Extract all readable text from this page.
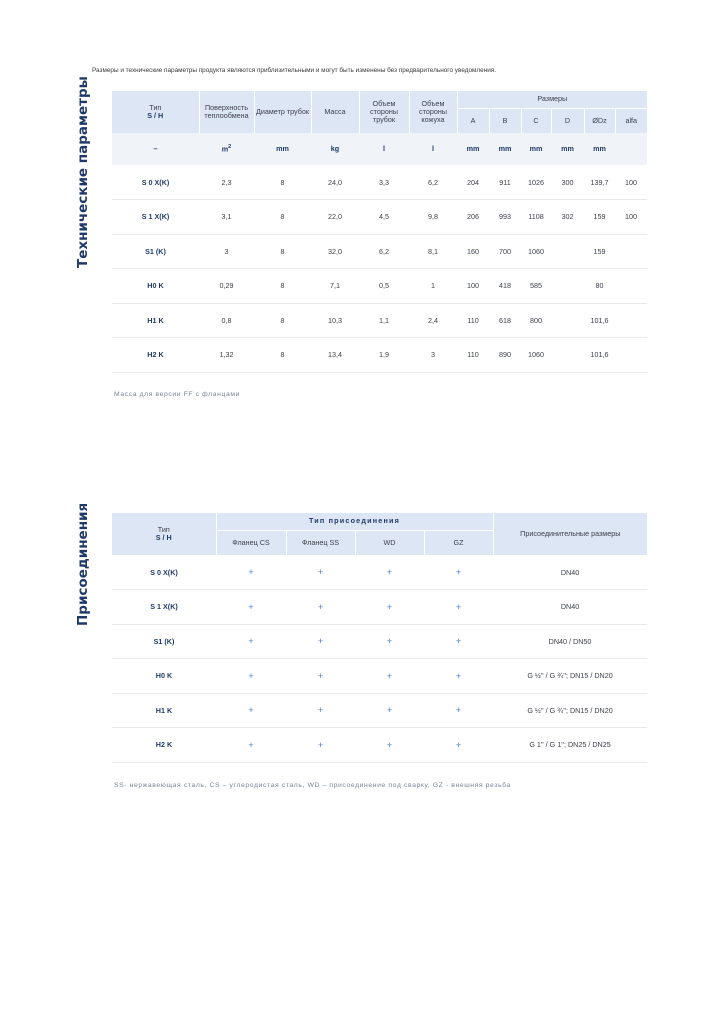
Размеры и технические параметры продукта являются приблизительными и могут быть изменены без предварительного уведомления.
Технические параметры	Тип
S / H	Поверхность теплообмена	Диаметр трубок	Масса	Объем стороны трубок	Объем стороны кожуха	Размеры					
						A	B	C	D	ØDz	alfa
–	$m^2$	mm	kg	l	l	mm	mm	mm	mm	mm	
S 0 X(K)	2,3	8	24,0	3,3	6,2	204	911	1026	300	139,7	100
S 1 X(K)	3,1	8	22,0	4,5	9,8	206	993	1108	302	159	100
S1 (K)	3	8	32,0	6,2	8,1	160	700	1060		159	
H0 K	0,29	8	7,1	0,5	1	100	418	585		80	
H1 K	0,8	8	10,3	1,1	2,4	110	618	800		101,6	
H2 K	1,32	8	13,4	1,9	3	110	890	1060		101,6	
Масса для версии FF с фланцами
Присоединения	Тип
S / H	Тип присоединения				Присоединительные размеры
	Фланец CS	Фланец SS	WD	GZ	
S 0 X(K)	+	+	+	+	DN40
S 1 X(K)	+	+	+	+	DN40
S1 (K)	+	+	+	+	DN40 / DN50
H0 K	+	+	+	+	G ½'' / G ¾''; DN15 / DN20
H1 K	+	+	+	+	G ½'' / G ¾''; DN15 / DN20
H2 K	+	+	+	+	G 1'' / G 1''; DN25 / DN25
SS- нержавеющая сталь, CS – углеродистая сталь, WD – присоединение под сварку, GZ - внешняя резьба
